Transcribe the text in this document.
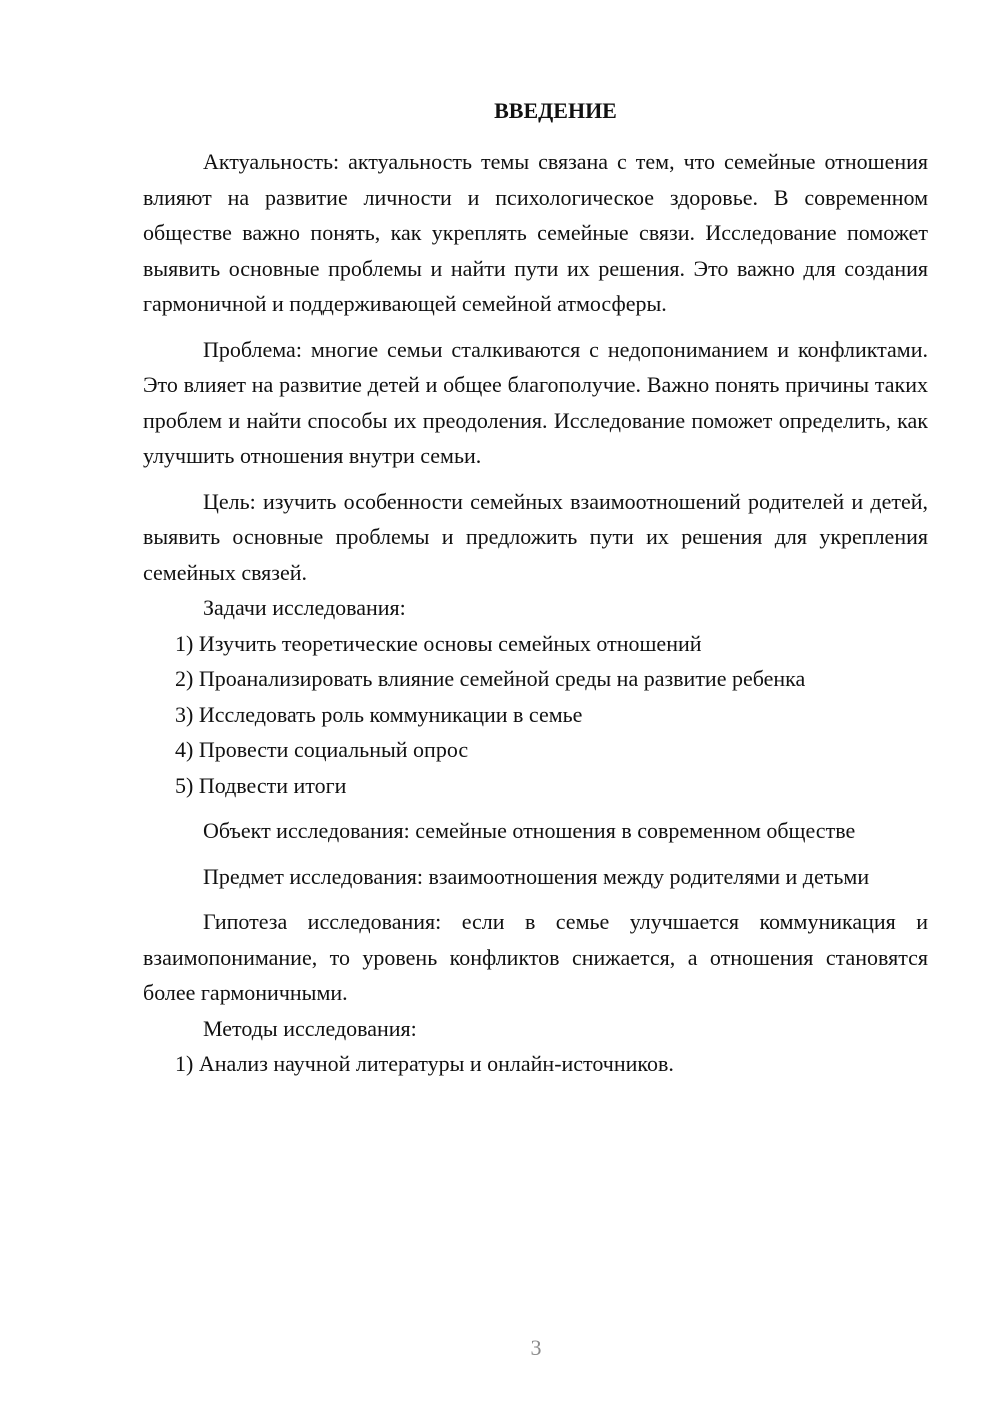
ВВЕДЕНИЕ

Актуальность: актуальность темы связана с тем, что семейные отношения влияют на развитие личности и психологическое здоровье. В современном обществе важно понять, как укреплять семейные связи. Исследование поможет выявить основные проблемы и найти пути их решения. Это важно для создания гармоничной и поддерживающей семейной атмосферы.

Проблема: многие семьи сталкиваются с недопониманием и конфликтами. Это влияет на развитие детей и общее благополучие. Важно понять причины таких проблем и найти способы их преодоления. Исследование поможет определить, как улучшить отношения внутри семьи.

Цель: изучить особенности семейных взаимоотношений родителей и детей, выявить основные проблемы и предложить пути их решения для укрепления семейных связей.

Задачи исследования:

1) Изучить теоретические основы семейных отношений

2) Проанализировать влияние семейной среды на развитие ребенка

3) Исследовать роль коммуникации в семье

4) Провести социальный опрос

5) Подвести итоги

Объект исследования: семейные отношения в современном обществе

Предмет исследования: взаимоотношения между родителями и детьми

Гипотеза исследования: если в семье улучшается коммуникация и взаимопонимание, то уровень конфликтов снижается, а отношения становятся более гармоничными.

Методы исследования:

1) Анализ научной литературы и онлайн-источников.

3
